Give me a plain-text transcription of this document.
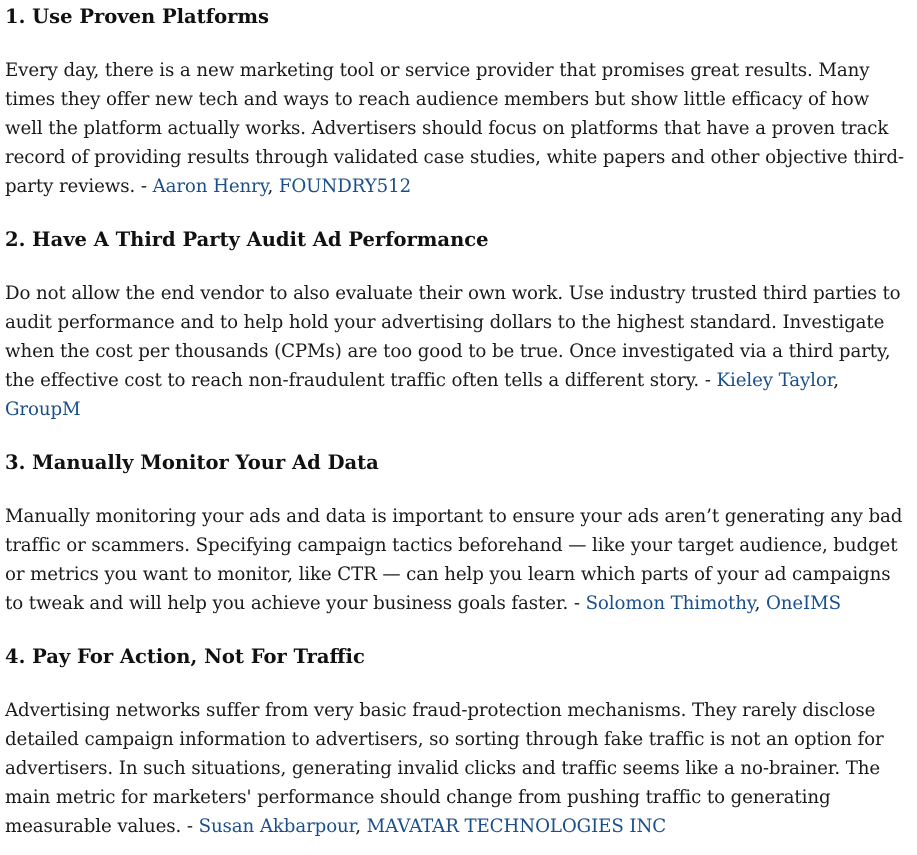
1. Use Proven Platforms

Every day, there is a new marketing tool or service provider that promises great results. Many times they offer new tech and ways to reach audience members but show little efficacy of how well the platform actually works. Advertisers should focus on platforms that have a proven track record of providing results through validated case studies, white papers and other objective third-party reviews. - Aaron Henry, FOUNDRY512

2. Have A Third Party Audit Ad Performance

Do not allow the end vendor to also evaluate their own work. Use industry trusted third parties to audit performance and to help hold your advertising dollars to the highest standard. Investigate when the cost per thousands (CPMs) are too good to be true. Once investigated via a third party, the effective cost to reach non-fraudulent traffic often tells a different story. - Kieley Taylor, GroupM

3. Manually Monitor Your Ad Data

Manually monitoring your ads and data is important to ensure your ads aren’t generating any bad traffic or scammers. Specifying campaign tactics beforehand — like your target audience, budget or metrics you want to monitor, like CTR — can help you learn which parts of your ad campaigns to tweak and will help you achieve your business goals faster. - Solomon Thimothy, OneIMS

4. Pay For Action, Not For Traffic

Advertising networks suffer from very basic fraud-protection mechanisms. They rarely disclose detailed campaign information to advertisers, so sorting through fake traffic is not an option for advertisers. In such situations, generating invalid clicks and traffic seems like a no-brainer. The main metric for marketers' performance should change from pushing traffic to generating measurable values. - Susan Akbarpour, MAVATAR TECHNOLOGIES INC
